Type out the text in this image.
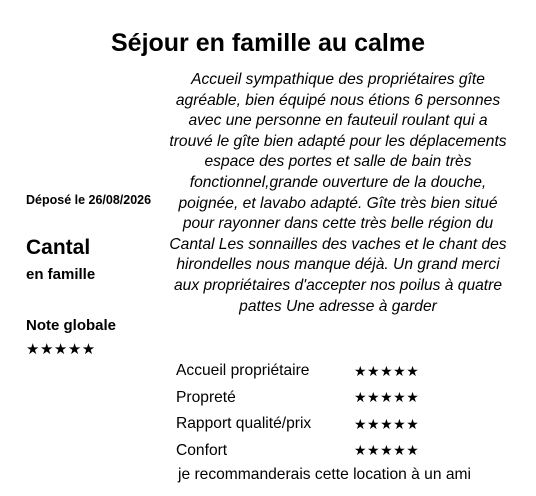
Séjour en famille au calme
Déposé le 26/08/2026
Cantal
en famille
Note globale
★★★★★
Accueil sympathique des propriétaires gîte agréable, bien équipé nous étions 6 personnes avec une personne en fauteuil roulant qui a trouvé le gîte bien adapté pour les déplacements espace des portes et salle de bain très fonctionnel,grande ouverture de la douche, poignée, et lavabo adapté. Gîte très bien situé pour rayonner dans cette très belle région du Cantal Les sonnailles des vaches et le chant des hirondelles nous manque déjà. Un grand merci aux propriétaires d'accepter nos poilus à quatre pattes Une adresse à garder
Accueil propriétaire	★★★★★
Propreté	★★★★★
Rapport qualité/prix	★★★★★
Confort	★★★★★
je recommanderais cette location à un ami
